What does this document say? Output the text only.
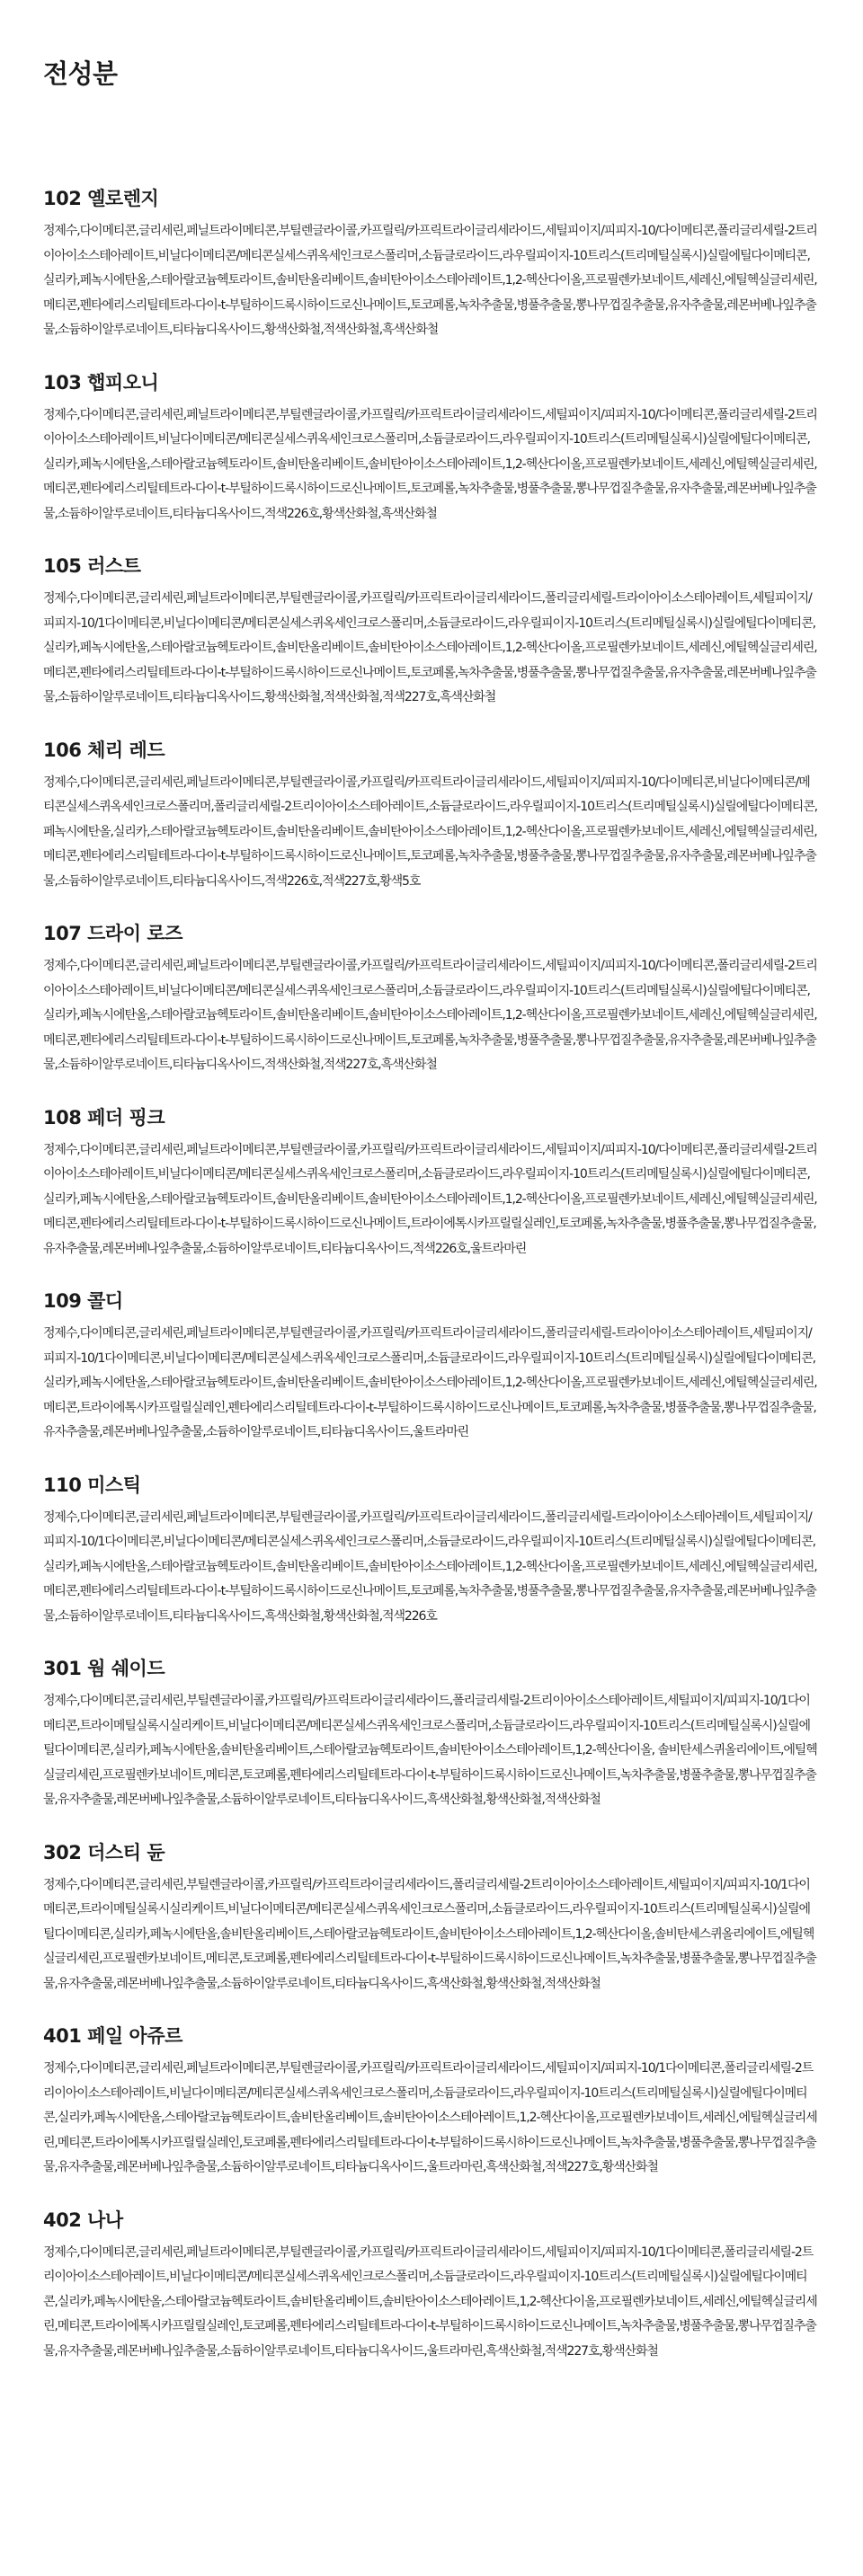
전성분
102 옐로렌지

정제수,다이메티콘,글리세린,페닐트라이메티콘,부틸렌글라이콜,카프릴릭/카프릭트라이글리세라이드,세틸피이지/피피지-10/다이메티콘,폴리글리세릴-2트리이아이소스테아레이트,비닐다이메티콘/메티콘실세스퀴옥세인크로스폴리머,소듐클로라이드,라우릴피이지-10트리스(트리메틸실록시)실릴에틸다이메티콘,실리카,페녹시에탄올,스테아랄코늄헥토라이트,솔비탄올리베이트,솔비탄아이소스테아레이트,1,2-헥산다이올,프로필렌카보네이트,세레신,에틸헥실글리세린,메티콘,펜타에리스리틸테트라-다이-t-부틸하이드록시하이드로신나메이트,토코페롤,녹차추출물,병풀추출물,뽕나무껍질추출물,유자추출물,레몬버베나잎추출물,소듐하이알루로네이트,티타늄디옥사이드,황색산화철,적색산화철,흑색산화철

103 햅피오니

정제수,다이메티콘,글리세린,페닐트라이메티콘,부틸렌글라이콜,카프릴릭/카프릭트라이글리세라이드,세틸피이지/피피지-10/다이메티콘,폴리글리세릴-2트리이아이소스테아레이트,비닐다이메티콘/메티콘실세스퀴옥세인크로스폴리머,소듐클로라이드,라우릴피이지-10트리스(트리메틸실록시)실릴에틸다이메티콘,실리카,페녹시에탄올,스테아랄코늄헥토라이트,솔비탄올리베이트,솔비탄아이소스테아레이트,1,2-헥산다이올,프로필렌카보네이트,세레신,에틸헥실글리세린,메티콘,펜타에리스리틸테트라-다이-t-부틸하이드록시하이드로신나메이트,토코페롤,녹차추출물,병풀추출물,뽕나무껍질추출물,유자추출물,레몬버베나잎추출물,소듐하이알루로네이트,티타늄디옥사이드,적색226호,황색산화철,흑색산화철

105 러스트

정제수,다이메티콘,글리세린,페닐트라이메티콘,부틸렌글라이콜,카프릴릭/카프릭트라이글리세라이드,폴리글리세릴-트라이아이소스테아레이트,세틸피이지/피피지-10/1다이메티콘,비닐다이메티콘/메티콘실세스퀴옥세인크로스폴리머,소듐클로라이드,라우릴피이지-10트리스(트리메틸실록시)실릴에틸다이메티콘,실리카,페녹시에탄올,스테아랄코늄헥토라이트,솔비탄올리베이트,솔비탄아이소스테아레이트,1,2-헥산다이올,프로필렌카보네이트,세레신,에틸헥실글리세린,메티콘,펜타에리스리틸테트라-다이-t-부틸하이드록시하이드로신나메이트,토코페롤,녹차추출물,병풀추출물,뽕나무껍질추출물,유자추출물,레몬버베나잎추출물,소듐하이알루로네이트,티타늄디옥사이드,황색산화철,적색산화철,적색227호,흑색산화철

106 체리 레드

정제수,다이메티콘,글리세린,페닐트라이메티콘,부틸렌글라이콜,카프릴릭/카프릭트라이글리세라이드,세틸피이지/피피지-10/다이메티콘,비닐다이메티콘/메티콘실세스퀴옥세인크로스폴리머,폴리글리세릴-2트리이아이소스테아레이트,소듐클로라이드,라우릴피이지-10트리스(트리메틸실록시)실릴에틸다이메티콘,페녹시에탄올,실리카,스테아랄코늄헥토라이트,솔비탄올리베이트,솔비탄아이소스테아레이트,1,2-헥산다이올,프로필렌카보네이트,세레신,에틸헥실글리세린,메티콘,펜타에리스리틸테트라-다이-t-부틸하이드록시하이드로신나메이트,토코페롤,녹차추출물,병풀추출물,뽕나무껍질추출물,유자추출물,레몬버베나잎추출물,소듐하이알루로네이트,티타늄디옥사이드,적색226호,적색227호,황색5호

107 드라이 로즈

정제수,다이메티콘,글리세린,페닐트라이메티콘,부틸렌글라이콜,카프릴릭/카프릭트라이글리세라이드,세틸피이지/피피지-10/다이메티콘,폴리글리세릴-2트리이아이소스테아레이트,비닐다이메티콘/메티콘실세스퀴옥세인크로스폴리머,소듐클로라이드,라우릴피이지-10트리스(트리메틸실록시)실릴에틸다이메티콘,실리카,페녹시에탄올,스테아랄코늄헥토라이트,솔비탄올리베이트,솔비탄아이소스테아레이트,1,2-헥산다이올,프로필렌카보네이트,세레신,에틸헥실글리세린,메티콘,펜타에리스리틸테트라-다이-t-부틸하이드록시하이드로신나메이트,토코페롤,녹차추출물,병풀추출물,뽕나무껍질추출물,유자추출물,레몬버베나잎추출물,소듐하이알루로네이트,티타늄디옥사이드,적색산화철,적색227호,흑색산화철

108 페더 핑크

정제수,다이메티콘,글리세린,페닐트라이메티콘,부틸렌글라이콜,카프릴릭/카프릭트라이글리세라이드,세틸피이지/피피지-10/다이메티콘,폴리글리세릴-2트리이아이소스테아레이트,비닐다이메티콘/메티콘실세스퀴옥세인크로스폴리머,소듐클로라이드,라우릴피이지-10트리스(트리메틸실록시)실릴에틸다이메티콘,실리카,페녹시에탄올,스테아랄코늄헥토라이트,솔비탄올리베이트,솔비탄아이소스테아레이트,1,2-헥산다이올,프로필렌카보네이트,세레신,에틸헥실글리세린,메티콘,펜타에리스리틸테트라-다이-t-부틸하이드록시하이드로신나메이트,트라이에톡시카프릴릴실레인,토코페롤,녹차추출물,병풀추출물,뽕나무껍질추출물,유자추출물,레몬버베나잎추출물,소듐하이알루로네이트,티타늄디옥사이드,적색226호,울트라마린

109 콜디

정제수,다이메티콘,글리세린,페닐트라이메티콘,부틸렌글라이콜,카프릴릭/카프릭트라이글리세라이드,폴리글리세릴-트라이아이소스테아레이트,세틸피이지/피피지-10/1다이메티콘,비닐다이메티콘/메티콘실세스퀴옥세인크로스폴리머,소듐클로라이드,라우릴피이지-10트리스(트리메틸실록시)실릴에틸다이메티콘,실리카,페녹시에탄올,스테아랄코늄헥토라이트,솔비탄올리베이트,솔비탄아이소스테아레이트,1,2-헥산다이올,프로필렌카보네이트,세레신,에틸헥실글리세린,메티콘,트라이에톡시카프릴릴실레인,펜타에리스리틸테트라-다이-t-부틸하이드록시하이드로신나메이트,토코페롤,녹차추출물,병풀추출물,뽕나무껍질추출물,유자추출물,레몬버베나잎추출물,소듐하이알루로네이트,티타늄디옥사이드,울트라마린

110 미스틱

정제수,다이메티콘,글리세린,페닐트라이메티콘,부틸렌글라이콜,카프릴릭/카프릭트라이글리세라이드,폴리글리세릴-트라이아이소스테아레이트,세틸피이지/피피지-10/1다이메티콘,비닐다이메티콘/메티콘실세스퀴옥세인크로스폴리머,소듐클로라이드,라우릴피이지-10트리스(트리메틸실록시)실릴에틸다이메티콘,실리카,페녹시에탄올,스테아랄코늄헥토라이트,솔비탄올리베이트,솔비탄아이소스테아레이트,1,2-헥산다이올,프로필렌카보네이트,세레신,에틸헥실글리세린,메티콘,펜타에리스리틸테트라-다이-t-부틸하이드록시하이드로신나메이트,토코페롤,녹차추출물,병풀추출물,뽕나무껍질추출물,유자추출물,레몬버베나잎추출물,소듐하이알루로네이트,티타늄디옥사이드,흑색산화철,황색산화철,적색226호

301 웜 쉐이드

정제수,다이메티콘,글리세린,부틸렌글라이콜,카프릴릭/카프릭트라이글리세라이드,폴리글리세릴-2트리이아이소스테아레이트,세틸피이지/피피지-10/1다이메티콘,트라이메틸실록시실리케이트,비닐다이메티콘/메티콘실세스퀴옥세인크로스폴리머,소듐클로라이드,라우릴피이지-10트리스(트리메틸실록시)실릴에틸다이메티콘,실리카,페녹시에탄올,솔비탄올리베이트,스테아랄코늄헥토라이트,솔비탄아이소스테아레이트,1,2-헥산다이올, 솔비탄세스퀴올리에이트,에틸헥실글리세린,프로필렌카보네이트,메티콘,토코페롤,펜타에리스리틸테트라-다이-t-부틸하이드록시하이드로신나메이트,녹차추출물,병풀추출물,뽕나무껍질추출물,유자추출물,레몬버베나잎추출물,소듐하이알루로네이트,티타늄디옥사이드,흑색산화철,황색산화철,적색산화철

302 더스티 듄

정제수,다이메티콘,글리세린,부틸렌글라이콜,카프릴릭/카프릭트라이글리세라이드,폴리글리세릴-2트리이아이소스테아레이트,세틸피이지/피피지-10/1다이메티콘,트라이메틸실록시실리케이트,비닐다이메티콘/메티콘실세스퀴옥세인크로스폴리머,소듐클로라이드,라우릴피이지-10트리스(트리메틸실록시)실릴에틸다이메티콘,실리카,페녹시에탄올,솔비탄올리베이트,스테아랄코늄헥토라이트,솔비탄아이소스테아레이트,1,2-헥산다이올,솔비탄세스퀴올리에이트,에틸헥실글리세린,프로필렌카보네이트,메티콘,토코페롤,펜타에리스리틸테트라-다이-t-부틸하이드록시하이드로신나메이트,녹차추출물,병풀추출물,뽕나무껍질추출물,유자추출물,레몬버베나잎추출물,소듐하이알루로네이트,티타늄디옥사이드,흑색산화철,황색산화철,적색산화철

401 페일 아쥬르

정제수,다이메티콘,글리세린,페닐트라이메티콘,부틸렌글라이콜,카프릴릭/카프릭트라이글리세라이드,세틸피이지/피피지-10/1다이메티콘,폴리글리세릴-2트리이아이소스테아레이트,비닐다이메티콘/메티콘실세스퀴옥세인크로스폴리머,소듐클로라이드,라우릴피이지-10트리스(트리메틸실록시)실릴에틸다이메티콘,실리카,페녹시에탄올,스테아랄코늄헥토라이트,솔비탄올리베이트,솔비탄아이소스테아레이트,1,2-헥산다이올,프로필렌카보네이트,세레신,에틸헥실글리세린,메티콘,트라이에톡시카프릴릴실레인,토코페롤,펜타에리스리틸테트라-다이-t-부틸하이드록시하이드로신나메이트,녹차추출물,병풀추출물,뽕나무껍질추출물,유자추출물,레몬버베나잎추출물,소듐하이알루로네이트,티타늄디옥사이드,울트라마린,흑색산화철,적색227호,황색산화철

402 나나

정제수,다이메티콘,글리세린,페닐트라이메티콘,부틸렌글라이콜,카프릴릭/카프릭트라이글리세라이드,세틸피이지/피피지-10/1다이메티콘,폴리글리세릴-2트리이아이소스테아레이트,비닐다이메티콘/메티콘실세스퀴옥세인크로스폴리머,소듐클로라이드,라우릴피이지-10트리스(트리메틸실록시)실릴에틸다이메티콘,실리카,페녹시에탄올,스테아랄코늄헥토라이트,솔비탄올리베이트,솔비탄아이소스테아레이트,1,2-헥산다이올,프로필렌카보네이트,세레신,에틸헥실글리세린,메티콘,트라이에톡시카프릴릴실레인,토코페롤,펜타에리스리틸테트라-다이-t-부틸하이드록시하이드로신나메이트,녹차추출물,병풀추출물,뽕나무껍질추출물,유자추출물,레몬버베나잎추출물,소듐하이알루로네이트,티타늄디옥사이드,울트라마린,흑색산화철,적색227호,황색산화철
